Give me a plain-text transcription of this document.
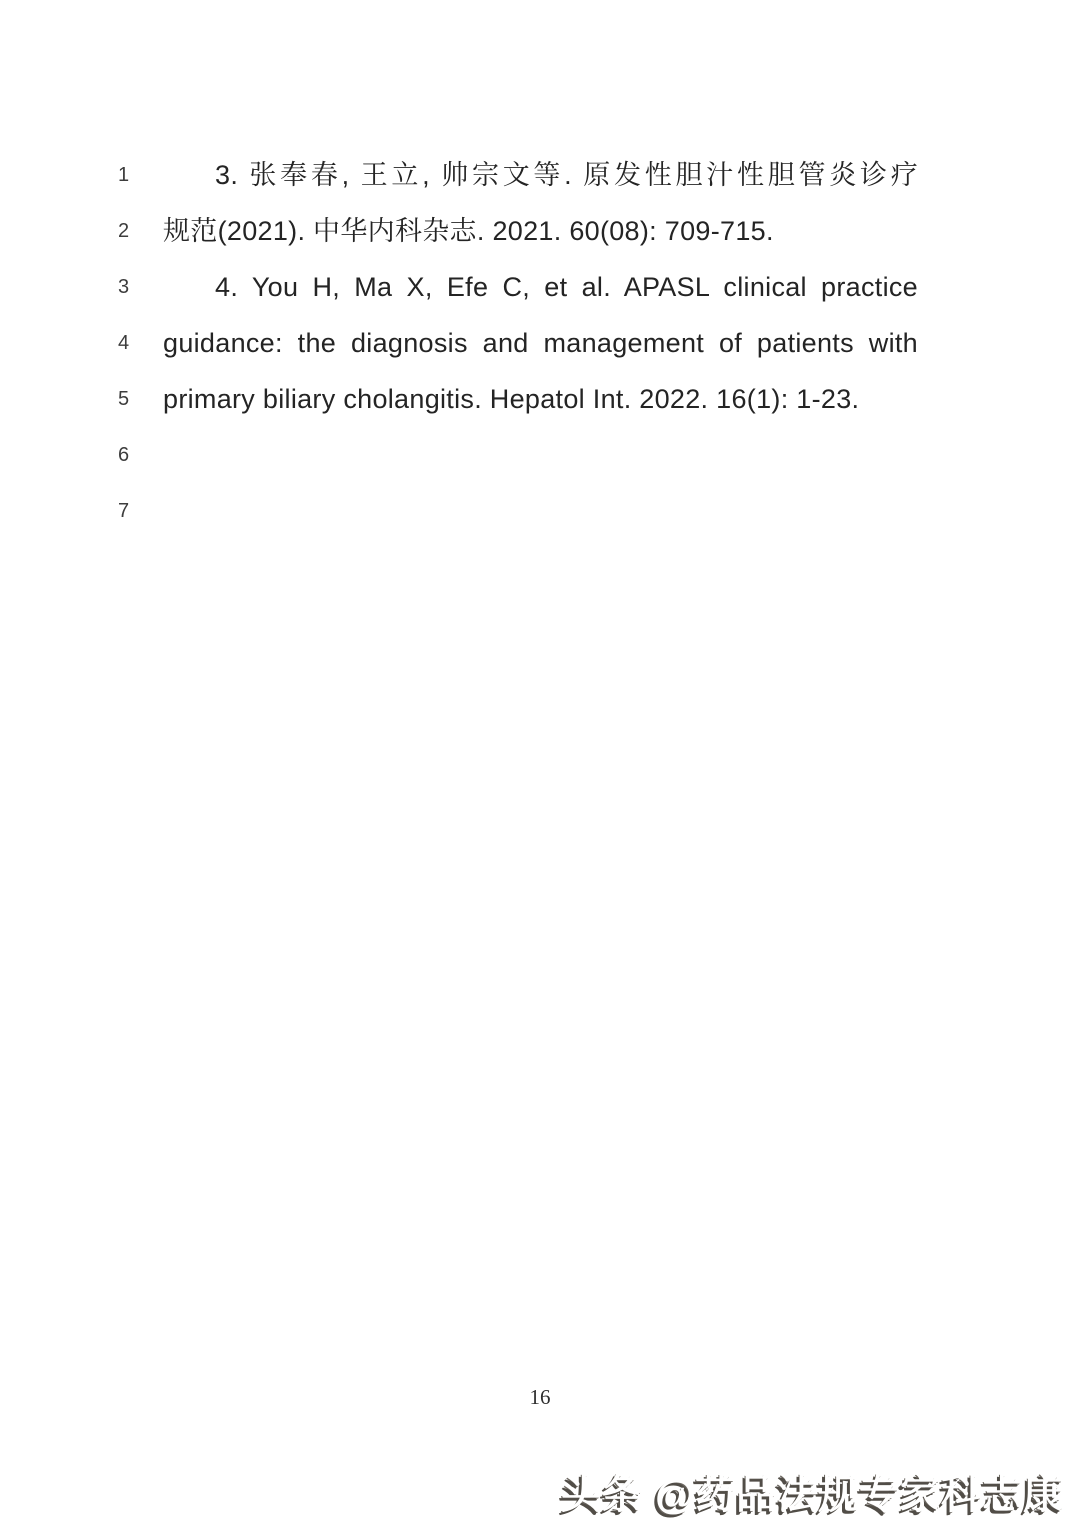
1	3. 张奉春, 王立, 帅宗文等. 原发性胆汁性胆管炎诊疗
2 规范(2021). 中华内科杂志. 2021. 60(08): 709-715.
3	4. You H, Ma X, Efe C, et al. APASL clinical practice
4 guidance: the diagnosis and management of patients with
5 primary biliary cholangitis. Hepatol Int. 2022. 16(1): 1-23.
6
7
16
头条 @药品法规专家科志康
